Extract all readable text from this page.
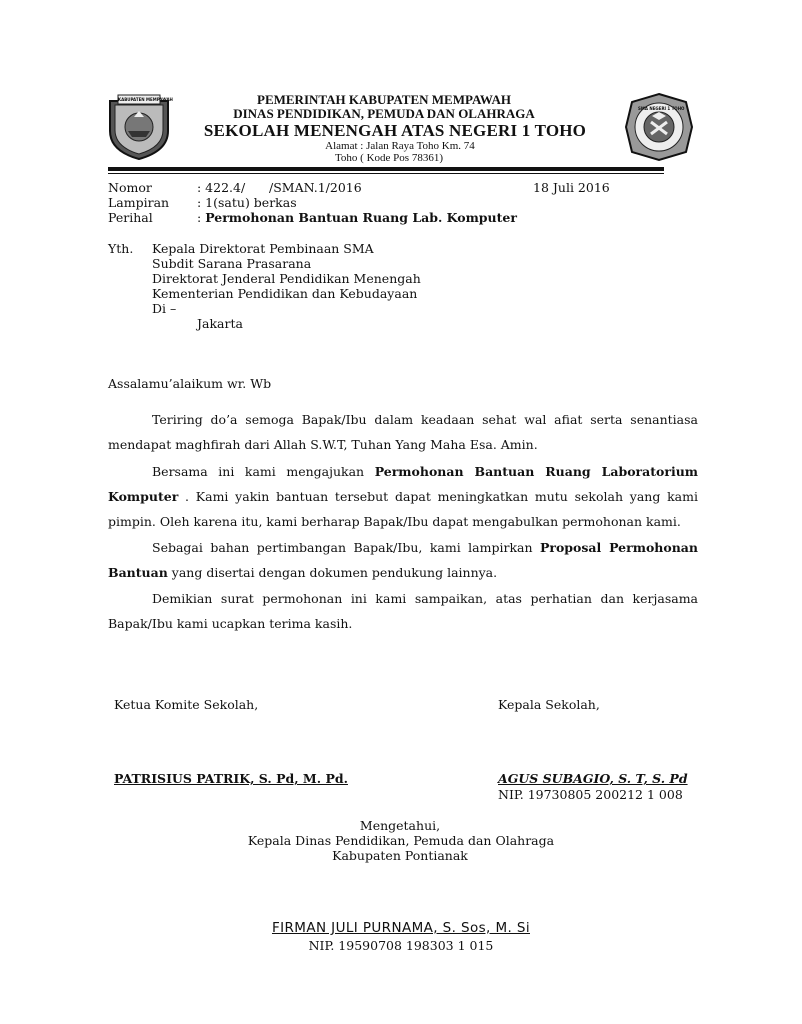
KABUPATEN MEMPAWAH
SMA NEGERI 1 TOHO
PEMERINTAH KABUPATEN MEMPAWAH
DINAS PENDIDIKAN, PEMUDA DAN OLAHRAGA
SEKOLAH MENENGAH ATAS NEGERI 1 TOHO
Alamat : Jalan Raya Toho Km. 74
Toho ( Kode Pos 78361)
Nomor	: 422.4/      /SMAN.1/2016	18 Juli 2016
Lampiran : 1(satu) berkas
Perihal	: Permohonan Bantuan Ruang Lab. Komputer
Yth. Kepala Direktorat Pembinaan SMA
Subdit Sarana Prasarana
Direktorat Jenderal Pendidikan Menengah
Kementerian Pendidikan dan Kebudayaan
Di –
Jakarta
Assalamu’alaikum wr. Wb
Teriring do’a semoga Bapak/Ibu dalam keadaan sehat wal afiat serta senantiasa mendapat maghfirah dari Allah S.W.T, Tuhan Yang Maha Esa. Amin.
Bersama ini kami mengajukan Permohonan Bantuan Ruang Laboratorium Komputer . Kami yakin bantuan tersebut dapat meningkatkan mutu sekolah yang kami pimpin. Oleh karena itu, kami berharap Bapak/Ibu dapat mengabulkan permohonan kami.
Sebagai bahan pertimbangan Bapak/Ibu, kami lampirkan Proposal Permohonan Bantuan yang disertai dengan dokumen pendukung lainnya.
Demikian surat permohonan ini kami sampaikan, atas perhatian dan kerjasama Bapak/Ibu kami ucapkan terima kasih.
Ketua Komite Sekolah,	Kepala Sekolah,
PATRISIUS PATRIK, S. Pd, M. Pd.	AGUS SUBAGIO, S. T, S. Pd
NIP. 19730805 200212 1 008
Mengetahui,
Kepala Dinas Pendidikan, Pemuda dan Olahraga
Kabupaten Pontianak
FIRMAN JULI PURNAMA, S. Sos, M. Si
NIP. 19590708 198303 1 015
